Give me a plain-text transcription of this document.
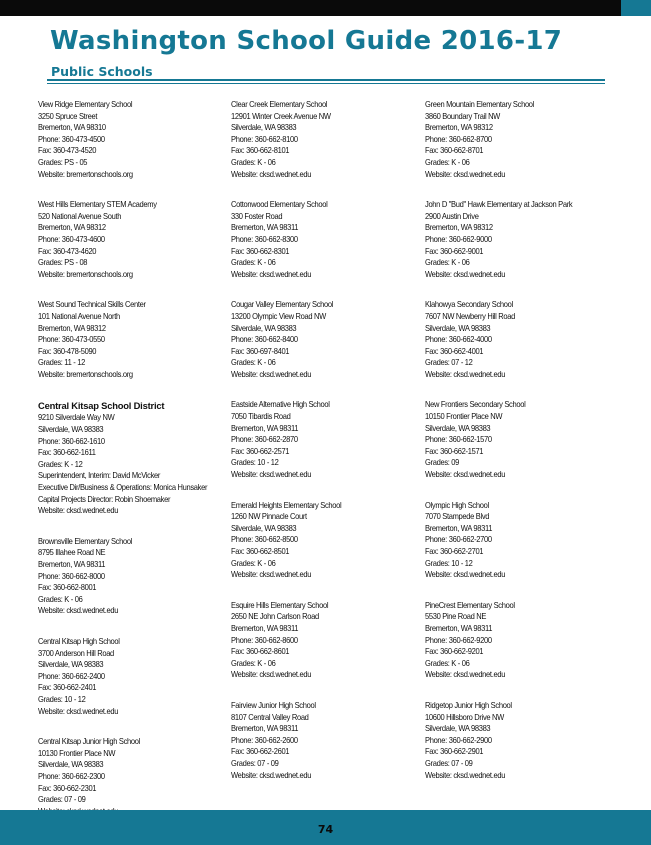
Washington School Guide 2016-17
Public Schools
View Ridge Elementary School
3250 Spruce Street
Bremerton, WA 98310
Phone: 360-473-4500
Fax: 360-473-4520
Grades: PS - 05
Website: bremertonschools.org
West Hills Elementary STEM Academy
520 National Avenue South
Bremerton, WA 98312
Phone: 360-473-4600
Fax: 360-473-4620
Grades: PS - 08
Website: bremertonschools.org
West Sound Technical Skills Center
101 National Avenue North
Bremerton, WA 98312
Phone: 360-473-0550
Fax: 360-478-5090
Grades: 11 - 12
Website: bremertonschools.org
Central Kitsap School District
9210 Silverdale Way NW
Silverdale, WA 98383
Phone: 360-662-1610
Fax: 360-662-1611
Grades: K - 12
Superintendent, Interim: David McVicker
Executive Dir/Business & Operations: Monica Hunsaker
Capital Projects Director: Robin Shoemaker
Website: cksd.wednet.edu
Brownsville Elementary School
8795 Illahee Road NE
Bremerton, WA 98311
Phone: 360-662-8000
Fax: 360-662-8001
Grades: K - 06
Website: cksd.wednet.edu
Central Kitsap High School
3700 Anderson Hill Road
Silverdale, WA 98383
Phone: 360-662-2400
Fax: 360-662-2401
Grades: 10 - 12
Website: cksd.wednet.edu
Central Kitsap Junior High School
10130 Frontier Place NW
Silverdale, WA 98383
Phone: 360-662-2300
Fax: 360-662-2301
Grades: 07 - 09
Clear Creek Elementary School
12901 Winter Creek Avenue NW
Silverdale, WA 98383
Phone: 360-662-8100
Fax: 360-662-8101
Grades: K - 06
Website: cksd.wednet.edu
Cottonwood Elementary School
330 Foster Road
Bremerton, WA 98311
Phone: 360-662-8300
Fax: 360-662-8301
Grades: K - 06
Website: cksd.wednet.edu
Cougar Valley Elementary School
13200 Olympic View Road NW
Silverdale, WA 98383
Phone: 360-662-8400
Fax: 360-697-8401
Grades: K - 06
Website: cksd.wednet.edu
Eastside Alternative High School
7050 Tibardis Road
Bremerton, WA 98311
Phone: 360-662-2870
Fax: 360-662-2571
Grades: 10 - 12
Website: cksd.wednet.edu
Emerald Heights Elementary School
1260 NW Pinnacle Court
Silverdale, WA 98383
Phone: 360-662-8500
Fax: 360-662-8501
Grades: K - 06
Website: cksd.wednet.edu
Esquire Hills Elementary School
2650 NE John Carlson Road
Bremerton, WA 98311
Phone: 360-662-8600
Fax: 360-662-8601
Grades: K - 06
Website: cksd.wednet.edu
Fairview Junior High School
8107 Central Valley Road
Bremerton, WA 98311
Phone: 360-662-2600
Fax: 360-662-2601
Grades: 07 - 09
Website: cksd.wednet.edu
Green Mountain Elementary School
3860 Boundary Trail NW
Bremerton, WA 98312
Phone: 360-662-8700
Fax: 360-662-8701
Grades: K - 06
Website: cksd.wednet.edu
John D "Bud" Hawk Elementary at Jackson Park
2900 Austin Drive
Bremerton, WA 98312
Phone: 360-662-9000
Fax: 360-662-9001
Grades: K - 06
Website: cksd.wednet.edu
Klahowya Secondary School
7607 NW Newberry Hill Road
Silverdale, WA 98383
Phone: 360-662-4000
Fax: 360-662-4001
Grades: 07 - 12
Website: cksd.wednet.edu
New Frontiers Secondary School
10150 Frontier Place NW
Silverdale, WA 98383
Phone: 360-662-1570
Fax: 360-662-1571
Grades: 09
Website: cksd.wednet.edu
Olympic High School
7070 Stampede Blvd
Bremerton, WA 98311
Phone: 360-662-2700
Fax: 360-662-2701
Grades: 10 - 12
Website: cksd.wednet.edu
PineCrest Elementary School
5530 Pine Road NE
Bremerton, WA 98311
Phone: 360-662-9200
Fax: 360-662-9201
Grades: K - 06
Website: cksd.wednet.edu
Ridgetop Junior High School
10600 Hillsboro Drive NW
Silverdale, WA 98383
Phone: 360-662-2900
Fax: 360-662-2901
Grades: 07 - 09
Website: cksd.wednet.edu
74
